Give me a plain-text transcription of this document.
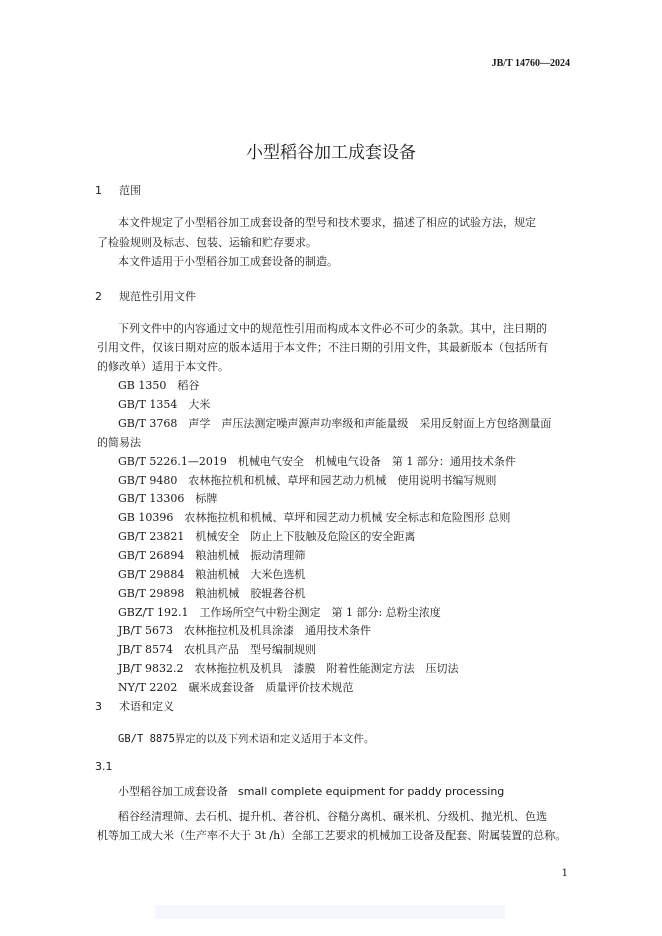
JB/T 14760—2024
小型稻谷加工成套设备
1 范围
本文件规定了小型稻谷加工成套设备的型号和技术要求，描述了相应的试验方法，规定
了检验规则及标志、包装、运输和贮存要求。
本文件适用于小型稻谷加工成套设备的制造。
2 规范性引用文件
下列文件中的内容通过文中的规范性引用而构成本文件必不可少的条款。其中，注日期的
引用文件，仅该日期对应的版本适用于本文件；不注日期的引用文件，其最新版本（包括所有
的修改单）适用于本文件。
GB 1350　稻谷
GB/T 1354　大米
GB/T 3768　声学　声压法测定噪声源声功率级和声能量级　采用反射面上方包络测量面
的简易法
GB/T 5226.1—2019　机械电气安全　机械电气设备　第 1 部分：通用技术条件
GB/T 9480　农林拖拉机和机械、草坪和园艺动力机械　使用说明书编写规则
GB/T 13306　标牌
GB 10396　农林拖拉机和机械、草坪和园艺动力机械 安全标志和危险图形 总则
GB/T 23821　机械安全　防止上下肢触及危险区的安全距离
GB/T 26894　粮油机械　振动清理筛
GB/T 29884　粮油机械　大米色选机
GB/T 29898　粮油机械　胶辊砻谷机
GBZ/T 192.1　工作场所空气中粉尘测定　第 1 部分: 总粉尘浓度
JB/T 5673　农林拖拉机及机具涂漆　通用技术条件
JB/T 8574　农机具产品　型号编制规则
JB/T 9832.2　农林拖拉机及机具　漆膜　附着性能测定方法　压切法
NY/T 2202　碾米成套设备　质量评价技术规范
3 术语和定义
GB/T 8875界定的以及下列术语和定义适用于本文件。
3.1
小型稻谷加工成套设备 small complete equipment for paddy processing
稻谷经清理筛、去石机、提升机、砻谷机、谷糙分离机、碾米机、分级机、抛光机、色选
机等加工成大米（生产率不大于 3t /h）全部工艺要求的机械加工设备及配套、附属装置的总称。
1
